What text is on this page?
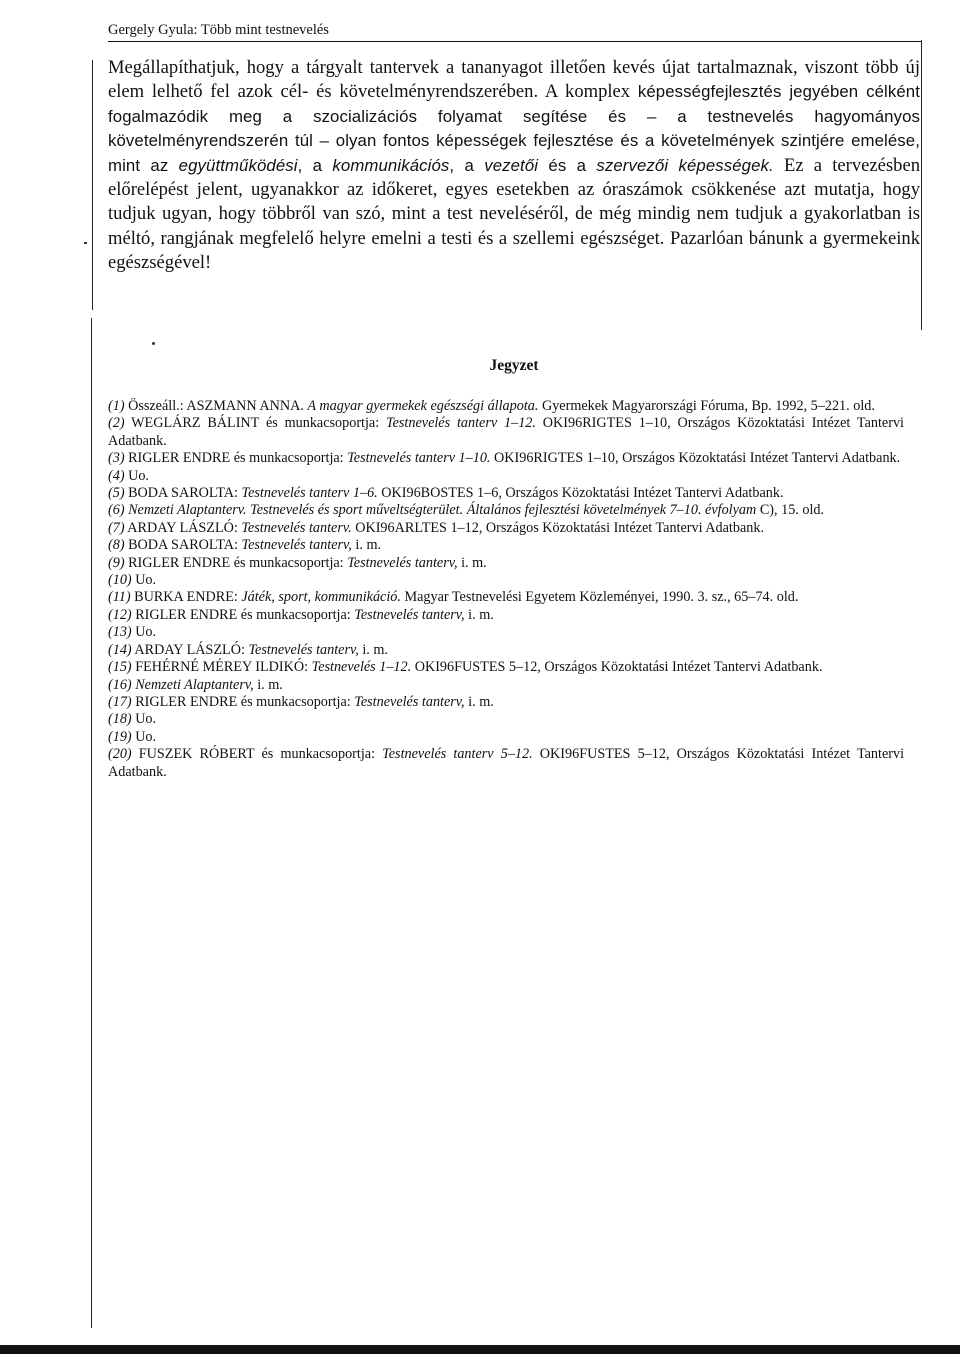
Gergely Gyula: Több mint testnevelés

Megállapíthatjuk, hogy a tárgyalt tantervek a tananyagot illetően kevés újat tartalmaznak, viszont több új elem lelhető fel azok cél- és követelményrendszerében. A komplex képességfejlesztés jegyében célként fogalmazódik meg a szocializációs folyamat segítése és – a testnevelés hagyományos követelményrendszerén túl – olyan fontos képességek fejlesztése és a követelmények szintjére emelése, mint az együttműködési, a kommunikációs, a vezetői és a szervezői képességek. Ez a tervezésben előrelépést jelent, ugyanakkor az időkeret, egyes esetekben az óraszámok csökkenése azt mutatja, hogy tudjuk ugyan, hogy többről van szó, mint a test neveléséről, de még mindig nem tudjuk a gyakorlatban is méltó, rangjának megfelelő helyre emelni a testi és a szellemi egészséget. Pazarlóan bánunk a gyermekeink egészségével!

Jegyzet

(1) Összeáll.: ASZMANN ANNA. A magyar gyermekek egészségi állapota. Gyermekek Magyarországi Fóruma, Bp. 1992, 5–221. old.

(2) WEGLÁRZ BÁLINT és munkacsoportja: Testnevelés tanterv 1–12. OKI96RIGTES 1–10, Országos Közoktatási Intézet Tantervi Adatbank.

(3) RIGLER ENDRE és munkacsoportja: Testnevelés tanterv 1–10. OKI96RIGTES 1–10, Országos Közoktatási Intézet Tantervi Adatbank.

(4) Uo.

(5) BODA SAROLTA: Testnevelés tanterv 1–6. OKI96BOSTES 1–6, Országos Közoktatási Intézet Tantervi Adatbank.

(6) Nemzeti Alaptanterv. Testnevelés és sport műveltségterület. Általános fejlesztési követelmények 7–10. évfolyam C), 15. old.

(7) ARDAY LÁSZLÓ: Testnevelés tanterv. OKI96ARLTES 1–12, Országos Közoktatási Intézet Tantervi Adatbank.

(8) BODA SAROLTA: Testnevelés tanterv, i. m.

(9) RIGLER ENDRE és munkacsoportja: Testnevelés tanterv, i. m.

(10) Uo.

(11) BURKA ENDRE: Játék, sport, kommunikáció. Magyar Testnevelési Egyetem Közleményei, 1990. 3. sz., 65–74. old.

(12) RIGLER ENDRE és munkacsoportja: Testnevelés tanterv, i. m.

(13) Uo.

(14) ARDAY LÁSZLÓ: Testnevelés tanterv, i. m.

(15) FEHÉRNÉ MÉREY ILDIKÓ: Testnevelés 1–12. OKI96FUSTES 5–12, Országos Közoktatási Intézet Tantervi Adatbank.

(16) Nemzeti Alaptanterv, i. m.

(17) RIGLER ENDRE és munkacsoportja: Testnevelés tanterv, i. m.

(18) Uo.

(19) Uo.

(20) FUSZEK RÓBERT és munkacsoportja: Testnevelés tanterv 5–12. OKI96FUSTES 5–12, Országos Közoktatási Intézet Tantervi Adatbank.
